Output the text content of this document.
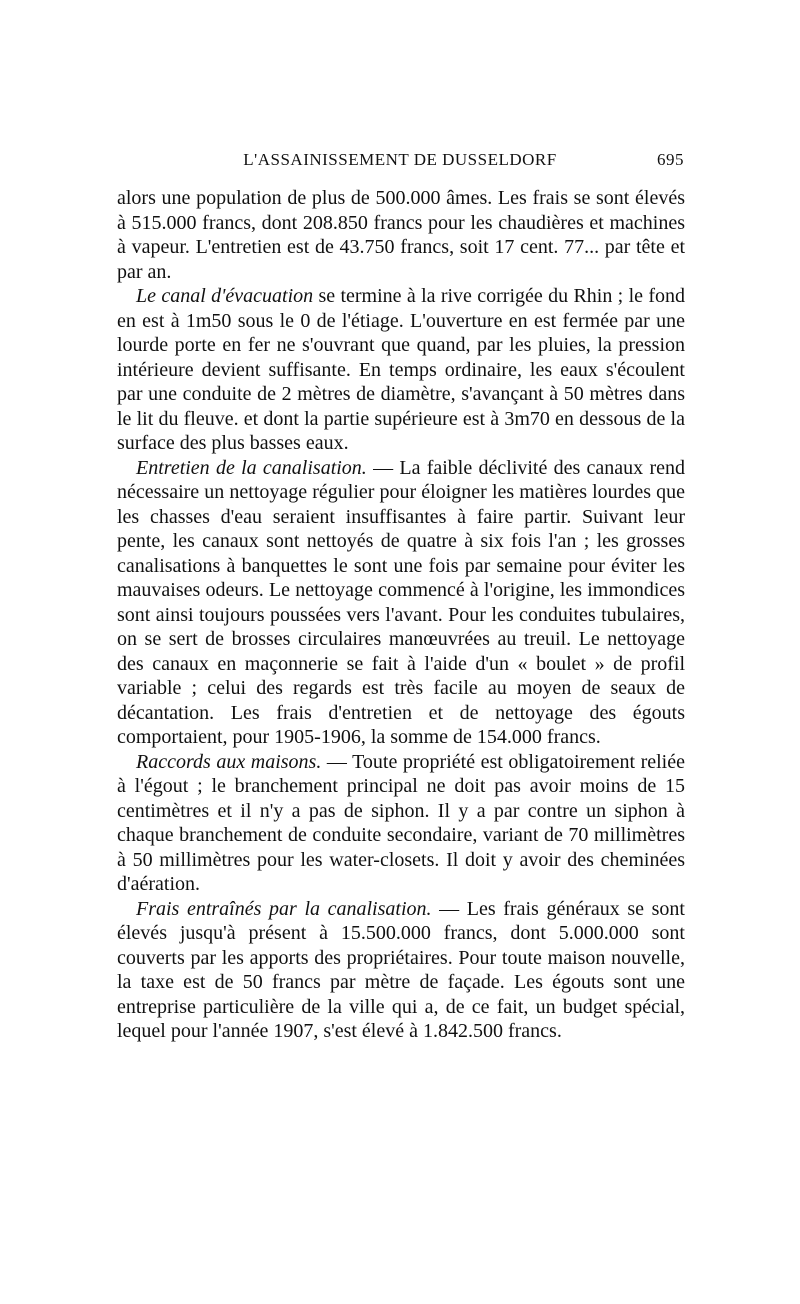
L'ASSAINISSEMENT DE DUSSELDORF	695

alors une population de plus de 500.000 âmes. Les frais se sont élevés à 515.000 francs, dont 208.850 francs pour les chaudières et machines à vapeur. L'entretien est de 43.750 francs, soit 17 cent. 77... par tête et par an.

Le canal d'évacuation se termine à la rive corrigée du Rhin ; le fond en est à 1m50 sous le 0 de l'étiage. L'ouverture en est fermée par une lourde porte en fer ne s'ouvrant que quand, par les pluies, la pression intérieure devient suffisante. En temps ordinaire, les eaux s'écoulent par une conduite de 2 mètres de diamètre, s'avançant à 50 mètres dans le lit du fleuve. et dont la partie supérieure est à 3m70 en dessous de la surface des plus basses eaux.

Entretien de la canalisation. — La faible déclivité des canaux rend nécessaire un nettoyage régulier pour éloigner les matières lourdes que les chasses d'eau seraient insuffisantes à faire partir. Suivant leur pente, les canaux sont nettoyés de quatre à six fois l'an ; les grosses canalisations à banquettes le sont une fois par semaine pour éviter les mauvaises odeurs. Le nettoyage commencé à l'origine, les immondices sont ainsi toujours poussées vers l'avant. Pour les conduites tubulaires, on se sert de brosses circulaires manœuvrées au treuil. Le nettoyage des canaux en maçonnerie se fait à l'aide d'un « boulet » de profil variable ; celui des regards est très facile au moyen de seaux de décantation. Les frais d'entretien et de nettoyage des égouts comportaient, pour 1905-1906, la somme de 154.000 francs.

Raccords aux maisons. — Toute propriété est obligatoirement reliée à l'égout ; le branchement principal ne doit pas avoir moins de 15 centimètres et il n'y a pas de siphon. Il y a par contre un siphon à chaque branchement de conduite secondaire, variant de 70 millimètres à 50 millimètres pour les water-closets. Il doit y avoir des cheminées d'aération.

Frais entraînés par la canalisation. — Les frais généraux se sont élevés jusqu'à présent à 15.500.000 francs, dont 5.000.000 sont couverts par les apports des propriétaires. Pour toute maison nouvelle, la taxe est de 50 francs par mètre de façade. Les égouts sont une entreprise particulière de la ville qui a, de ce fait, un budget spécial, lequel pour l'année 1907, s'est élevé à 1.842.500 francs.
